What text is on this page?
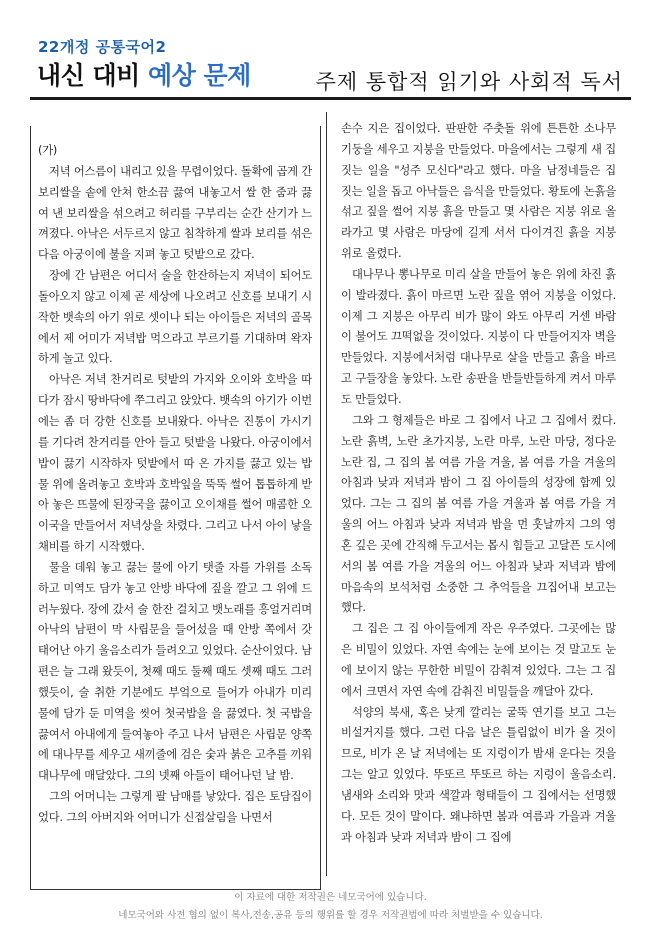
22개정 공통국어2
내신 대비 예상 문제	주제 통합적 읽기와 사회적 독서
(가)

저녁 어스름이 내리고 있을 무렵이었다. 돌확에 곱게 간 보리쌀을 솥에 안쳐 한소끔 끓여 내놓고서 쌀 한 줌과 끓여 낸 보리쌀을 섞으려고 허리를 구부리는 순간 산기가 느껴졌다. 아낙은 서두르지 않고 침착하게 쌀과 보리를 섞은 다음 아궁이에 불을 지펴 놓고 텃밭으로 갔다.

장에 간 남편은 어디서 술을 한잔하는지 저녁이 되어도 돌아오지 않고 이제 곧 세상에 나오려고 신호를 보내기 시작한 뱃속의 아기 위로 셋이나 되는 아이들은 저녁의 골목에서 제 어미가 저녁밥 먹으라고 부르기를 기대하며 왁자하게 놀고 있다.

아낙은 저녁 찬거리로 텃밭의 가지와 오이와 호박을 따다가 잠시 땅바닥에 쭈그리고 앉았다. 뱃속의 아기가 이번에는 좀 더 강한 신호를 보내왔다. 아낙은 진통이 가시기를 기다려 찬거리를 안아 들고 텃밭을 나왔다. 아궁이에서 밥이 끓기 시작하자 텃밭에서 따 온 가지를 끓고 있는 밥물 위에 올려놓고 호박과 호박잎을 뚝뚝 썰어 톱톱하게 받아 놓은 뜨물에 된장국을 끓이고 오이채를 썰어 매콤한 오이국을 만들어서 저녁상을 차렸다. 그리고 나서 아이 낳을 채비를 하기 시작했다.

물을 데워 놓고 끓는 물에 아기 탯줄 자를 가위를 소독하고 미역도 담가 놓고 안방 바닥에 짚을 깔고 그 위에 드러누웠다. 장에 갔서 술 한잔 걸치고 뱃노래를 흥얼거리며 아낙의 남편이 막 사립문을 들어섰을 때 안방 쪽에서 갓 태어난 아기 울음소리가 들려오고 있었다. 순산이었다. 남편은 늘 그래 왔듯이, 첫째 때도 둘째 때도 셋째 때도 그러했듯이, 술 취한 기분에도 부엌으로 들어가 아내가 미리 물에 담가 둔 미역을 씻어 첫국밥을 을 끓였다. 첫 국밥을 끓여서 아내에게 들여놓아 주고 나서 남편은 사립문 양쪽에 대나무를 세우고 새끼줄에 검은 숯과 붉은 고추를 끼워 대나무에 매달았다. 그의 넷째 아들이 태어나던 날 밤.

그의 어머니는 그렇게 팔 남매를 낳았다. 집은 토담집이었다. 그의 아버지와 어머니가 신접살림을 나면서

손수 지은 집이었다. 판판한 주춧돌 위에 튼튼한 소나무 기둥을 세우고 지붕을 만들었다. 마을에서는 그렇게 새 집 짓는 일을 "성주 모신다"라고 했다. 마을 남정네들은 집 짓는 일을 돕고 아낙들은 음식을 만들었다. 황토에 논흙을 섞고 짚을 썰어 지붕 흙을 만들고 몇 사람은 지붕 위로 올라가고 몇 사람은 마당에 길게 서서 다이겨진 흙을 지붕 위로 올렸다.

대나무나 뽕나무로 미리 살을 만들어 놓은 위에 차진 흙이 발라졌다. 흙이 마르면 노란 짚을 엮어 지붕을 이었다. 이제 그 지붕은 아무리 비가 많이 와도 아무리 거센 바람이 불어도 끄떡없을 것이었다. 지붕이 다 만들어지자 벽을 만들었다. 지붕에서처럼 대나무로 살을 만들고 흙을 바르고 구들장을 놓았다. 노란 송판을 반들반들하게 켜서 마루도 만들었다.

그와 그 형제들은 바로 그 집에서 나고 그 집에서 컸다. 노란 흙벽, 노란 초가지붕, 노란 마루, 노란 마당, 정다운 노란 집, 그 집의 봄 여름 가을 겨울, 봄 여름 가을 겨울의 아침과 낮과 저녁과 밤이 그 집 아이들의 성장에 함께 있었다. 그는 그 집의 봄 여름 가을 겨울과 봄 여름 가을 겨울의 어느 아침과 낮과 저녁과 밤을 먼 훗날까지 그의 영혼 깊은 곳에 간직해 두고서는 몹시 힘들고 고달픈 도시에서의 봄 여름 가을 겨울의 어느 아침과 낮과 저녁과 밤에 마음속의 보석처럼 소중한 그 추억들을 끄집어내 보고는 했다.

그 집은 그 집 아이들에게 작은 우주였다. 그곳에는 많은 비밀이 있었다. 자연 속에는 눈에 보이는 것 말고도 눈에 보이지 않는 무한한 비밀이 감춰져 있었다. 그는 그 집에서 크면서 자연 속에 감춰진 비밀들을 깨달아 갔다.

석양의 북새, 혹은 낮게 깔리는 굴뚝 연기를 보고 그는 비설거지를 했다. 그런 다음 날은 틀림없이 비가 올 것이므로, 비가 온 날 저녁에는 또 지렁이가 밤새 운다는 것을 그는 알고 있었다. 뚜또르 뚜또르 하는 지렁이 울음소리. 냄새와 소리와 맛과 색깔과 형태들이 그 집에서는 선명했다. 모든 것이 말이다. 왜냐하면 봄과 여름과 가을과 겨울과 아침과 낮과 저녁과 밤이 그 집에

이 자료에 대한 저작권은 네모국어에 있습니다.
네모국어와 사전 협의 없이 복사,전송,공유 등의 행위를 할 경우 저작권법에 따라 처벌받을 수 있습니다.
